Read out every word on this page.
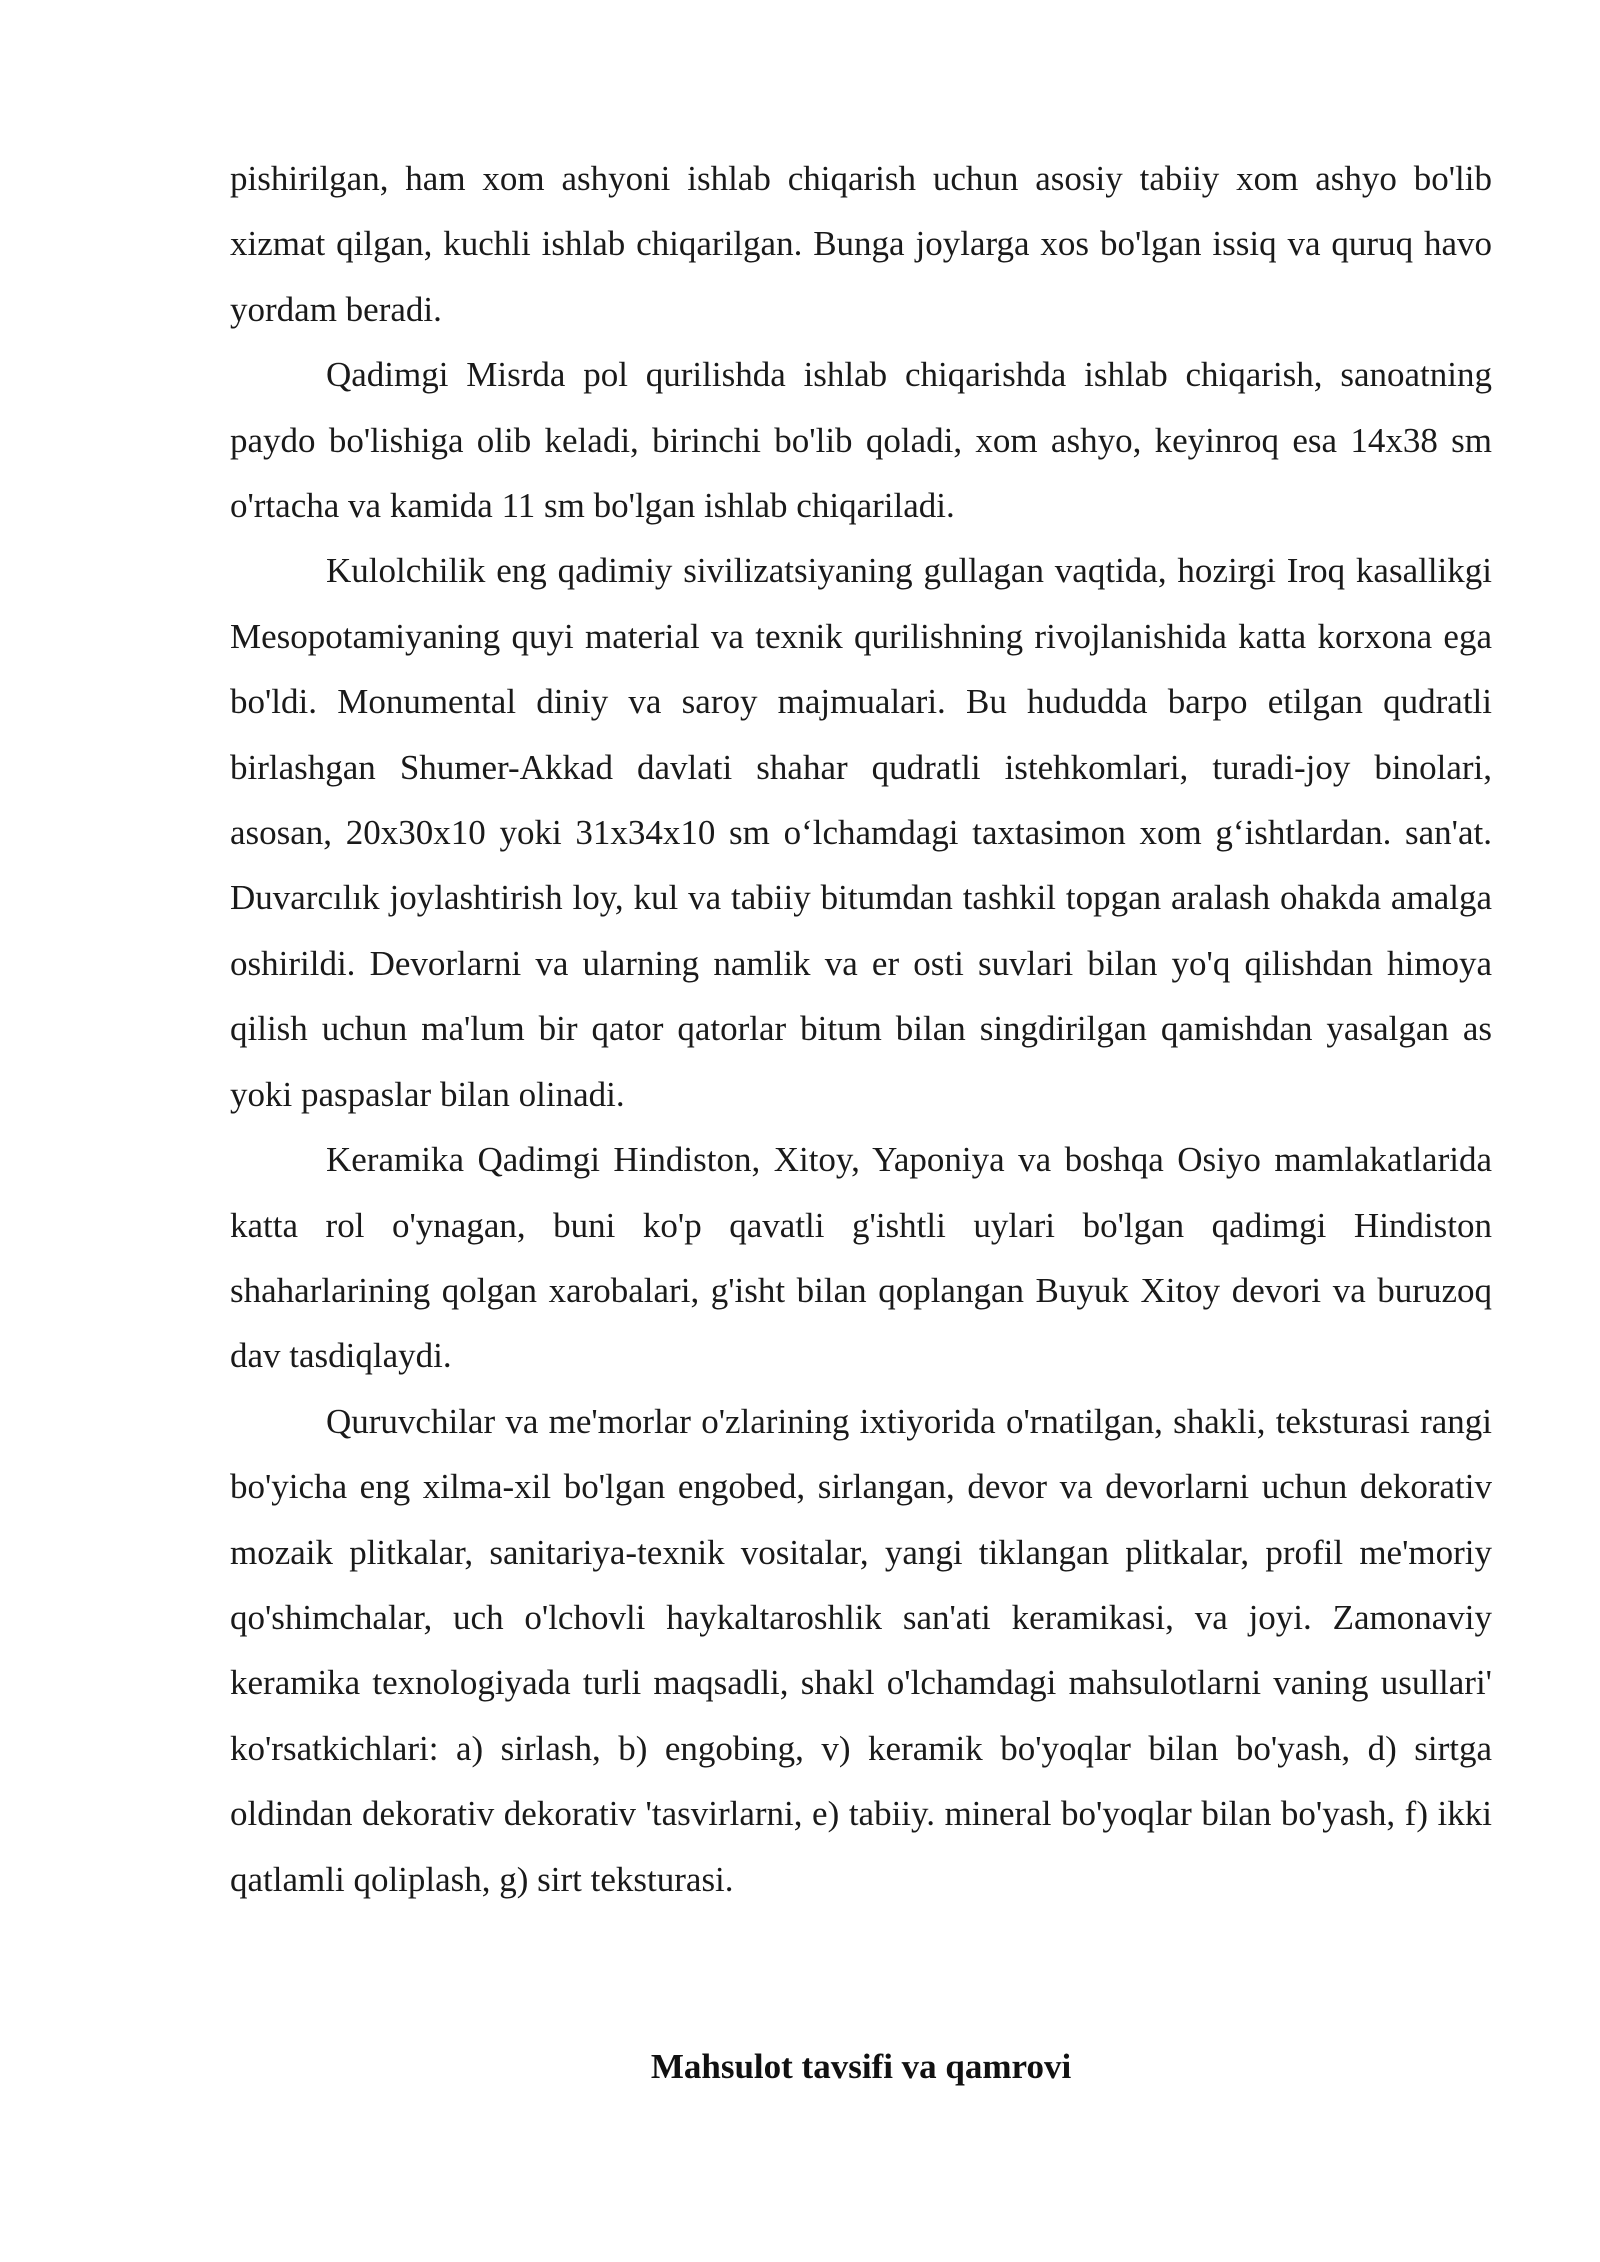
pishirilgan, ham xom ashyoni ishlab chiqarish uchun asosiy tabiiy xom ashyo bo'lib xizmat qilgan, kuchli ishlab chiqarilgan. Bunga joylarga xos bo'lgan issiq va quruq havo yordam beradi.

Qadimgi Misrda pol qurilishda ishlab chiqarishda ishlab chiqarish, sanoatning paydo bo'lishiga olib keladi, birinchi bo'lib qoladi, xom ashyo, keyinroq esa 14x38 sm o'rtacha va kamida 11 sm bo'lgan ishlab chiqariladi.

Kulolchilik eng qadimiy sivilizatsiyaning gullagan vaqtida, hozirgi Iroq kasallikgi Mesopotamiyaning quyi material va texnik qurilishning rivojlanishida katta korxona ega bo'ldi. Monumental diniy va saroy majmualari. Bu hududda barpo etilgan qudratli birlashgan Shumer-Akkad davlati shahar qudratli istehkomlari, turadi-joy binolari, asosan, 20x30x10 yoki 31x34x10 sm o‘lchamdagi taxtasimon xom g‘ishtlardan. san'at. Duvarcılık joylashtirish loy, kul va tabiiy bitumdan tashkil topgan aralash ohakda amalga oshirildi. Devorlarni va ularning namlik va er osti suvlari bilan yo'q qilishdan himoya qilish uchun ma'lum bir qator qatorlar bitum bilan singdirilgan qamishdan yasalgan as yoki paspaslar bilan olinadi.

Keramika Qadimgi Hindiston, Xitoy, Yaponiya va boshqa Osiyo mamlakatlarida katta rol o'ynagan, buni ko'p qavatli g'ishtli uylari bo'lgan qadimgi Hindiston shaharlarining qolgan xarobalari, g'isht bilan qoplangan Buyuk Xitoy devori va buruzoq dav tasdiqlaydi.

Quruvchilar va me'morlar o'zlarining ixtiyorida o'rnatilgan, shakli, teksturasi rangi bo'yicha eng xilma-xil bo'lgan engobed, sirlangan, devor va devorlarni uchun dekorativ mozaik plitkalar, sanitariya-texnik vositalar, yangi tiklangan plitkalar, profil me'moriy qo'shimchalar, uch o'lchovli haykaltaroshlik san'ati keramikasi, va joyi. Zamonaviy keramika texnologiyada turli maqsadli, shakl o'lchamdagi mahsulotlarni vaning usullari' ko'rsatkichlari: a) sirlash, b) engobing, v) keramik bo'yoqlar bilan bo'yash, d) sirtga oldindan dekorativ dekorativ 'tasvirlarni, e) tabiiy. mineral bo'yoqlar bilan bo'yash, f) ikki qatlamli qoliplash, g) sirt teksturasi.

Mahsulot tavsifi va qamrovi
